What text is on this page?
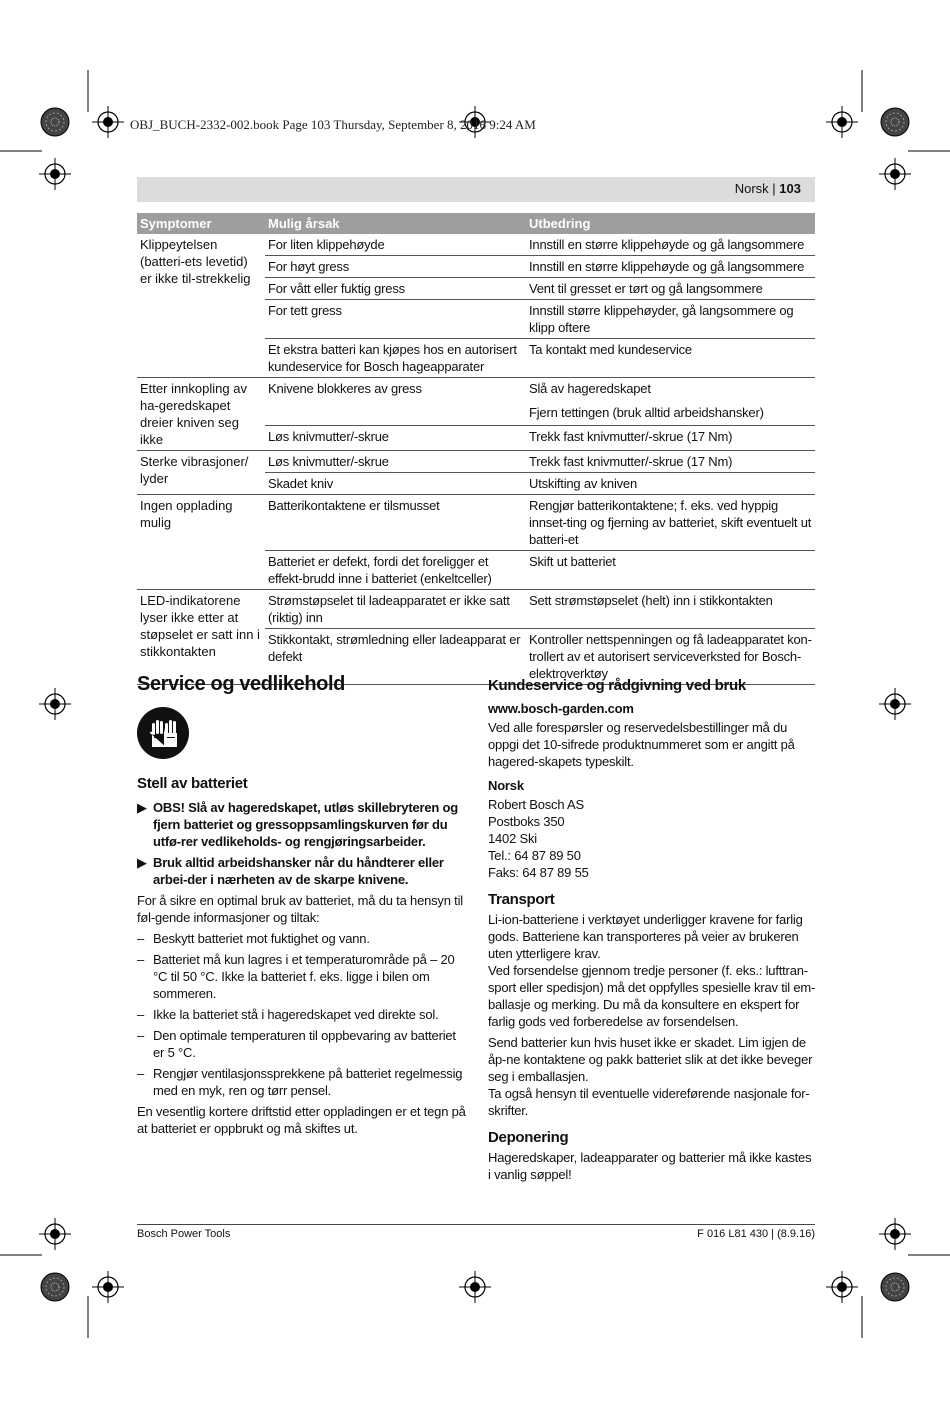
OBJ_BUCH-2332-002.book Page 103 Thursday, September 8, 2016 9:24 AM
Norsk | 103
Symptomer	Mulig årsak	Utbedring
Klippeytelsen (batteri-ets levetid) er ikke til-strekkelig	For liten klippehøyde	Innstill en større klippehøyde og gå langsommere
	For høyt gress	Innstill en større klippehøyde og gå langsommere
	For vått eller fuktig gress	Vent til gresset er tørt og gå langsommere
	For tett gress	Innstill større klippehøyder, gå langsommere og klipp oftere
	Et ekstra batteri kan kjøpes hos en autorisert kundeservice for Bosch hageapparater	Ta kontakt med kundeservice
Etter innkopling av ha-geredskapet dreier kniven seg ikke	Knivene blokkeres av gress	Slå av hageredskapet
		Fjern tettingen (bruk alltid arbeidshansker)
	Løs knivmutter/-skrue	Trekk fast knivmutter/-skrue (17 Nm)
Sterke vibrasjoner/ lyder	Løs knivmutter/-skrue	Trekk fast knivmutter/-skrue (17 Nm)
	Skadet kniv	Utskifting av kniven
Ingen opplading mulig	Batterikontaktene er tilsmusset	Rengjør batterikontaktene; f. eks. ved hyppig innset-ting og fjerning av batteriet, skift eventuelt ut batteri-et
	Batteriet er defekt, fordi det foreligger et effekt-brudd inne i batteriet (enkeltceller)	Skift ut batteriet
LED-indikatorene lyser ikke etter at støpselet er satt inn i stikkontakten	Strømstøpselet til ladeapparatet er ikke satt (riktig) inn	Sett strømstøpselet (helt) inn i stikkontakten
	Stikkontakt, strømledning eller ladeapparat er defekt	Kontroller nettspenningen og få ladeapparatet kon-trollert av et autorisert serviceverksted for Bosch-elektroverktøy
Service og vedlikehold
Stell av batteriet
▶ OBS! Slå av hageredskapet, utløs skillebryteren og fjern batteriet og gressoppsamlingskurven før du utfø-rer vedlikeholds- og rengjøringsarbeider.
▶ Bruk alltid arbeidshansker når du håndterer eller arbei-der i nærheten av de skarpe knivene.

For å sikre en optimal bruk av batteriet, må du ta hensyn til føl-gende informasjoner og tiltak:

– Beskytt batteriet mot fuktighet og vann.
– Batteriet må kun lagres i et temperaturområde på – 20 °C til 50 °C. Ikke la batteriet f. eks. ligge i bilen om sommeren.
– Ikke la batteriet stå i hageredskapet ved direkte sol.
– Den optimale temperaturen til oppbevaring av batteriet er 5 °C.
– Rengjør ventilasjonssprekkene på batteriet regelmessig med en myk, ren og tørr pensel.

En vesentlig kortere driftstid etter oppladingen er et tegn på at batteriet er oppbrukt og må skiftes ut.

Kundeservice og rådgivning ved bruk
www.bosch-garden.com

Ved alle forespørsler og reservedelsbestillinger må du oppgi det 10-sifrede produktnummeret som er angitt på hagered-skapets typeskilt.

Norsk
Robert Bosch AS
Postboks 350
1402 Ski
Tel.: 64 87 89 50
Faks: 64 87 89 55
Transport

Li-ion-batteriene i verktøyet underligger kravene for farlig gods. Batteriene kan transporteres på veier av brukeren uten ytterligere krav.

Ved forsendelse gjennom tredje personer (f. eks.: lufttran-sport eller spedisjon) må det oppfylles spesielle krav til em-ballasje og merking. Du må da konsultere en ekspert for farlig gods ved forberedelse av forsendelsen.

Send batterier kun hvis huset ikke er skadet. Lim igjen de åp-ne kontaktene og pakk batteriet slik at det ikke beveger seg i emballasjen.

Ta også hensyn til eventuelle videreførende nasjonale for-skrifter.

Deponering

Hageredskaper, ladeapparater og batterier må ikke kastes i vanlig søppel!

Bosch Power Tools	F 016 L81 430 | (8.9.16)
